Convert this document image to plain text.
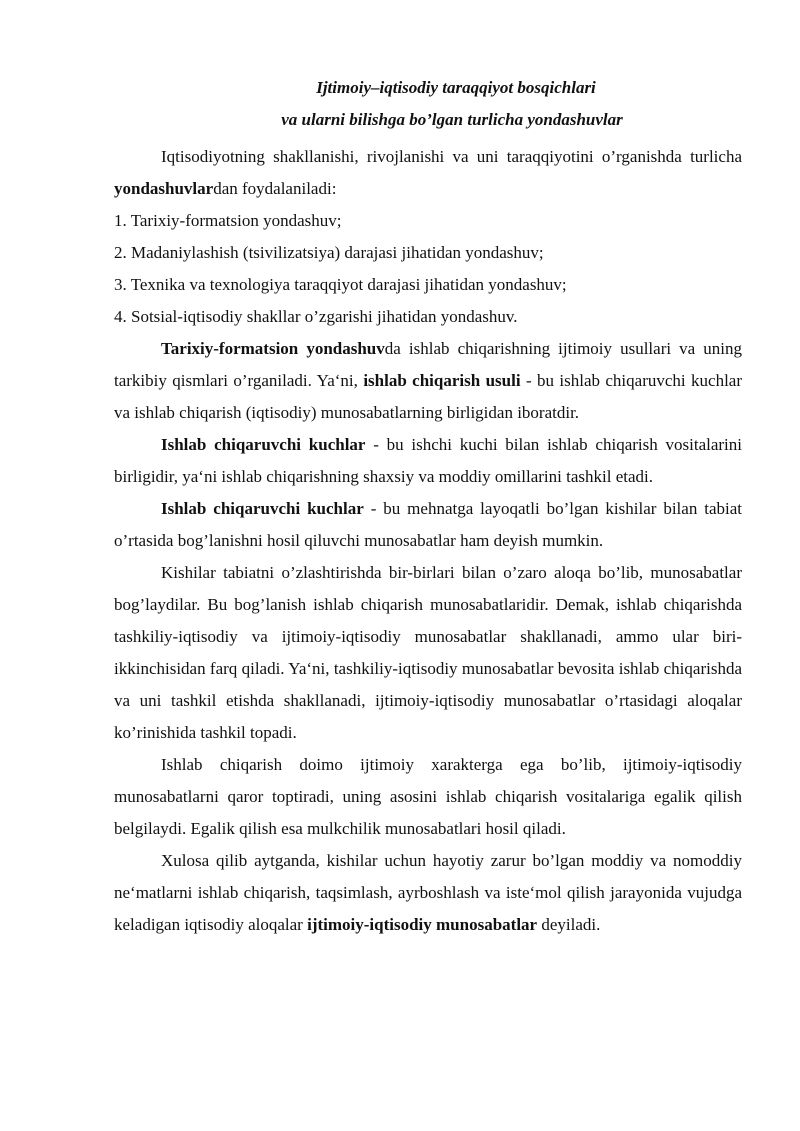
Ijtimoiy–iqtisodiy taraqqiyot bosqichlari
va ularni bilishga bo’lgan turlicha yondashuvlar

Iqtisodiyotning shakllanishi, rivojlanishi va uni taraqqiyotini o’rganishda turlicha yondashuvlardan foydalaniladi:

1. Tarixiy-formatsion yondashuv;

2. Madaniylashish (tsivilizatsiya) darajasi jihatidan yondashuv;

3. Texnika va texnologiya taraqqiyot darajasi jihatidan yondashuv;

4. Sotsial-iqtisodiy shakllar o’zgarishi jihatidan yondashuv.

Tarixiy-formatsion yondashuvda ishlab chiqarishning ijtimoiy usullari va uning tarkibiy qismlari o’rganiladi. Ya‘ni, ishlab chiqarish usuli - bu ishlab chiqaruvchi kuchlar va ishlab chiqarish (iqtisodiy) munosabatlarning birligidan iboratdir.

Ishlab chiqaruvchi kuchlar - bu ishchi kuchi bilan ishlab chiqarish vositalarini birligidir, ya‘ni ishlab chiqarishning shaxsiy va moddiy omillarini tashkil etadi.

Ishlab chiqaruvchi kuchlar - bu mehnatga layoqatli bo’lgan kishilar bilan tabiat o’rtasida bog’lanishni hosil qiluvchi munosabatlar ham deyish mumkin.

Kishilar tabiatni o’zlashtirishda bir-birlari bilan o’zaro aloqa bo’lib, munosabatlar bog’laydilar. Bu bog’lanish ishlab chiqarish munosabatlaridir. Demak, ishlab chiqarishda tashkiliy-iqtisodiy va ijtimoiy-iqtisodiy munosabatlar shakllanadi, ammo ular biri-ikkinchisidan farq qiladi. Ya‘ni, tashkiliy-iqtisodiy munosabatlar bevosita ishlab chiqarishda va uni tashkil etishda shakllanadi, ijtimoiy-iqtisodiy munosabatlar o’rtasidagi aloqalar ko’rinishida tashkil topadi.

Ishlab chiqarish doimo ijtimoiy xarakterga ega bo’lib, ijtimoiy-iqtisodiy munosabatlarni qaror toptiradi, uning asosini ishlab chiqarish vositalariga egalik qilish belgilaydi. Egalik qilish esa mulkchilik munosabatlari hosil qiladi.

Xulosa qilib aytganda, kishilar uchun hayotiy zarur bo’lgan moddiy va nomoddiy ne‘matlarni ishlab chiqarish, taqsimlash, ayrboshlash va iste‘mol qilish jarayonida vujudga keladigan iqtisodiy aloqalar ijtimoiy-iqtisodiy munosabatlar deyiladi.
